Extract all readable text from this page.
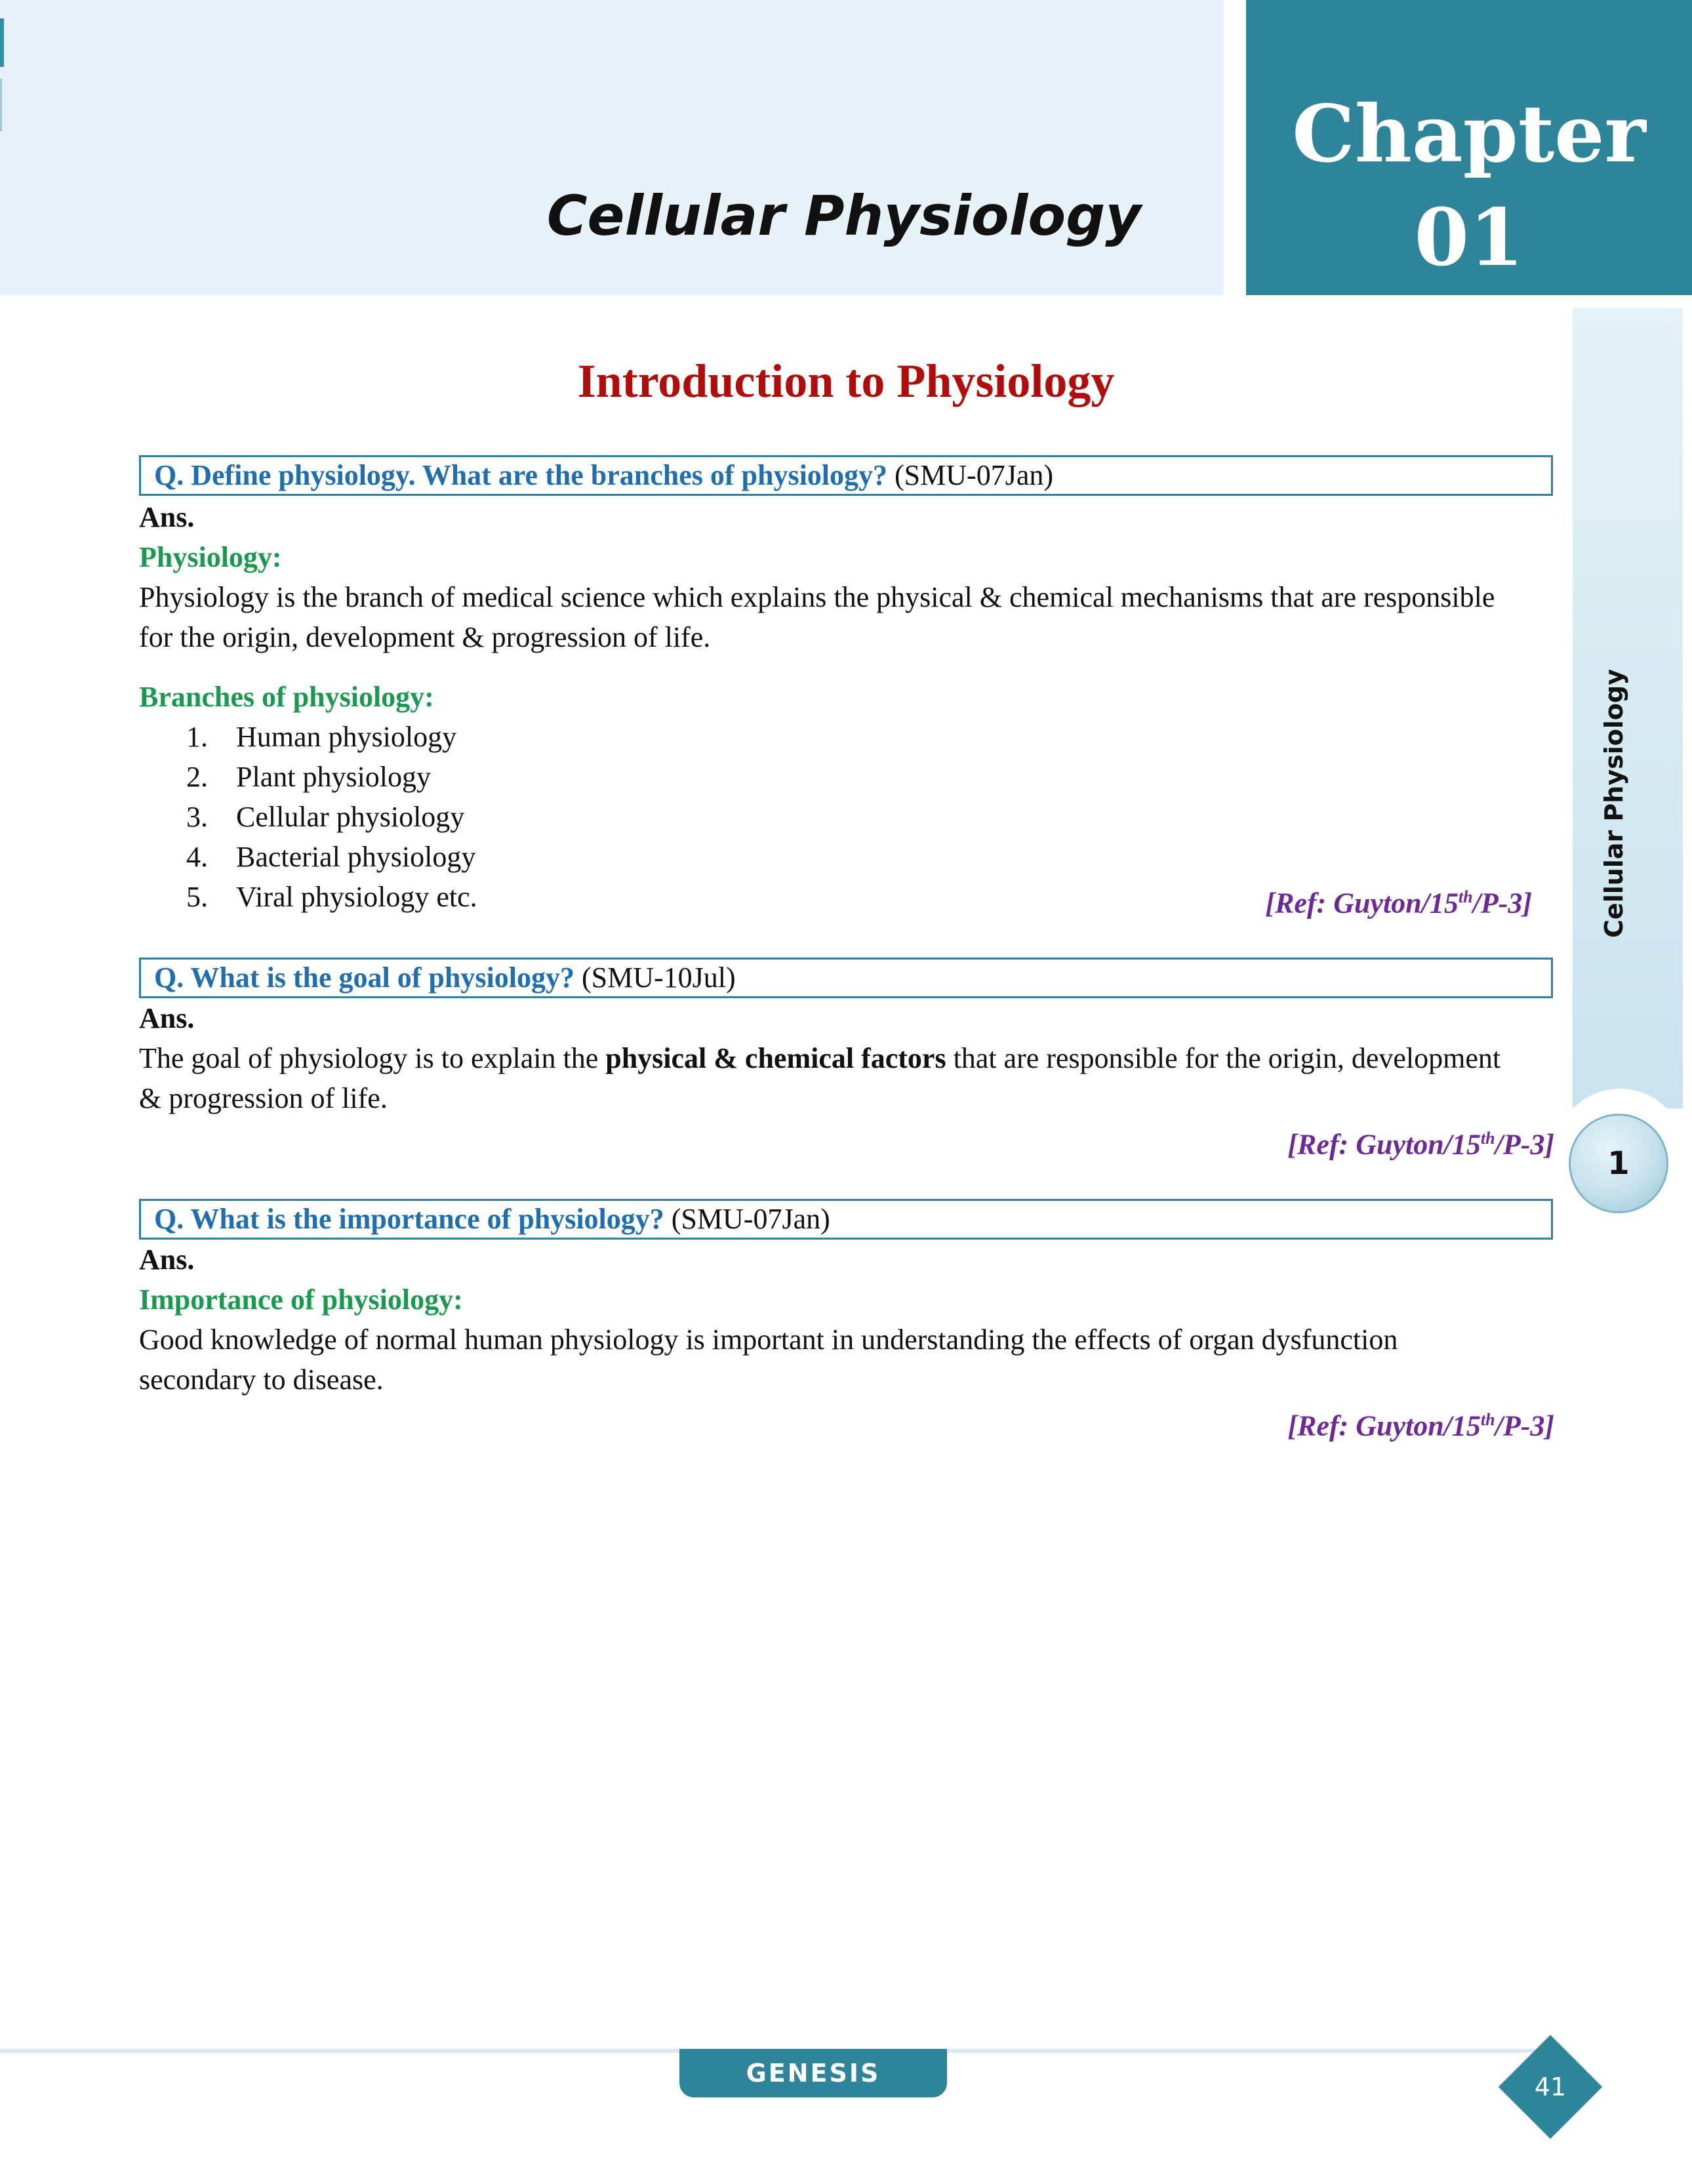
Cellular Physiology
Chapter
01
Cellular Physiology
1
Introduction to Physiology
Q. Define physiology. What are the branches of physiology? (SMU-07Jan)
Ans.
Physiology:
Physiology is the branch of medical science which explains the physical & chemical mechanisms that are responsible
for the origin, development & progression of life.
Branches of physiology:
1. Human physiology
2. Plant physiology
3. Cellular physiology
4. Bacterial physiology
5. Viral physiology etc.	[Ref: Guyton/15th/P-3]
Q. What is the goal of physiology? (SMU-10Jul)
Ans.
The goal of physiology is to explain the physical & chemical factors that are responsible for the origin, development
& progression of life.
[Ref: Guyton/15th/P-3]
Q. What is the importance of physiology? (SMU-07Jan)
Ans.
Importance of physiology:
Good knowledge of normal human physiology is important in understanding the effects of organ dysfunction
secondary to disease.
[Ref: Guyton/15th/P-3]
GENESIS	41
